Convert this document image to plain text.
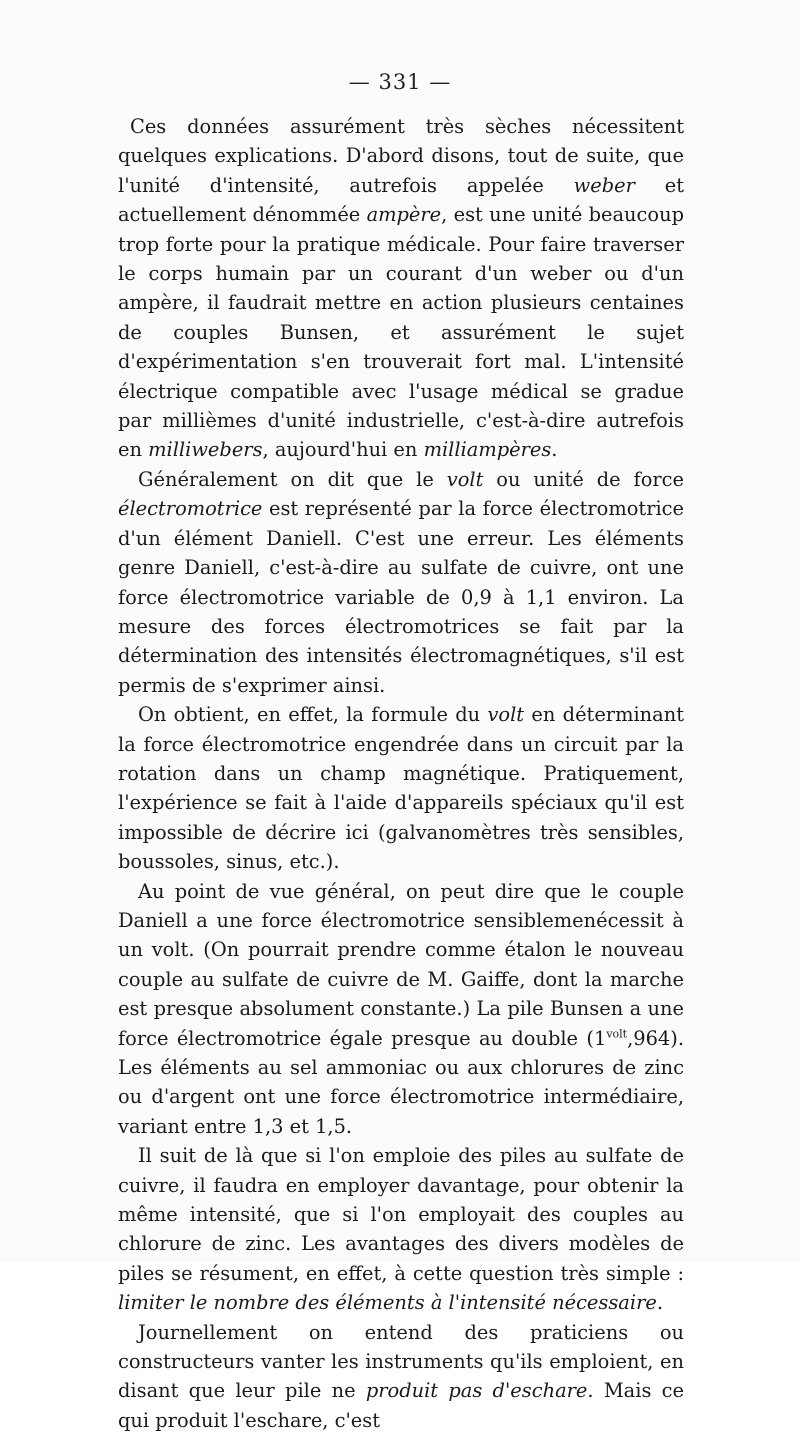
— 331 —

Ces données assurément très sèches nécessitent quelques explications. D'abord disons, tout de suite, que l'unité d'intensité, autrefois appelée weber et actuellement dénommée ampère, est une unité beaucoup trop forte pour la pratique médicale. Pour faire traverser le corps humain par un courant d'un weber ou d'un ampère, il faudrait mettre en action plusieurs centaines de couples Bunsen, et assurément le sujet d'expérimentation s'en trouverait fort mal. L'intensité électrique compatible avec l'usage médical se gradue par millièmes d'unité industrielle, c'est-à-dire autrefois en milliwebers, aujourd'hui en milliampères.

Généralement on dit que le volt ou unité de force électromotrice est représenté par la force électromotrice d'un élément Daniell. C'est une erreur. Les éléments genre Daniell, c'est-à-dire au sulfate de cuivre, ont une force électromotrice variable de 0,9 à 1,1 environ. La mesure des forces électromotrices se fait par la détermination des intensités électromagnétiques, s'il est permis de s'exprimer ainsi.

On obtient, en effet, la formule du volt en déterminant la force électromotrice engendrée dans un circuit par la rotation dans un champ magnétique. Pratiquement, l'expérience se fait à l'aide d'appareils spéciaux qu'il est impossible de décrire ici (galvanomètres très sensibles, boussoles, sinus, etc.).

Au point de vue général, on peut dire que le couple Daniell a une force électromotrice sensiblemenécessit à un volt. (On pourrait prendre comme étalon le nouveau couple au sulfate de cuivre de M. Gaiffe, dont la marche est presque absolument constante.) La pile Bunsen a une force électromotrice égale presque au double $(1^{volt},964)$. Les éléments au sel ammoniac ou aux chlorures de zinc ou d'argent ont une force électromotrice intermédiaire, variant entre 1,3 et 1,5.

Il suit de là que si l'on emploie des piles au sulfate de cuivre, il faudra en employer davantage, pour obtenir la même intensité, que si l'on employait des couples au chlorure de zinc. Les avantages des divers modèles de piles se résument, en effet, à cette question très simple : limiter le nombre des éléments à l'intensité nécessaire.

Journellement on entend des praticiens ou constructeurs vanter les instruments qu'ils emploient, en disant que leur pile ne produit pas d'eschare. Mais ce qui produit l'eschare, c'est
